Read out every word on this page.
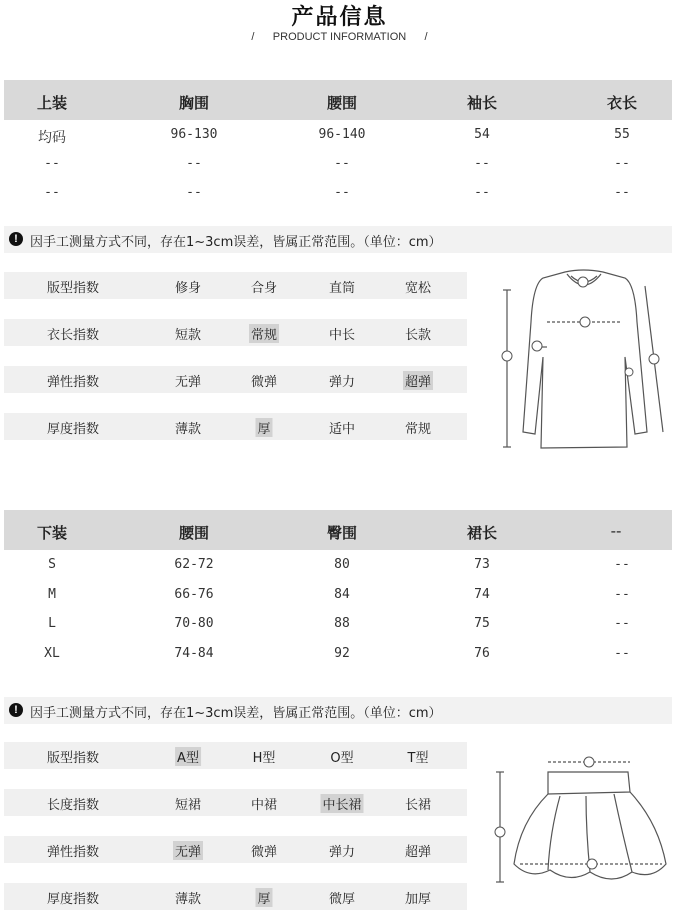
产品信息
/      PRODUCT INFORMATION      /
上装	胸围	腰围	袖长	衣长
均码	96-130	96-140	54	55
--	--	--	--	--
--	--	--	--	--
! 因手工测量方式不同，存在1~3cm误差，皆属正常范围。（单位：cm）
版型指数	修身	合身	直筒	宽松
衣长指数	短款	常规	中长	长款
弹性指数	无弹	微弹	弹力	超弹
厚度指数	薄款	厚	适中	常规
下装	腰围	臀围	裙长	--
S	62-72	80	73	--
M	66-76	84	74	--
L	70-80	88	75	--
XL	74-84	92	76	--
! 因手工测量方式不同，存在1~3cm误差，皆属正常范围。（单位：cm）
版型指数	A型	H型	O型	T型
长度指数	短裙	中裙	中长裙	长裙
弹性指数	无弹	微弹	弹力	超弹
厚度指数	薄款	厚	微厚	加厚
